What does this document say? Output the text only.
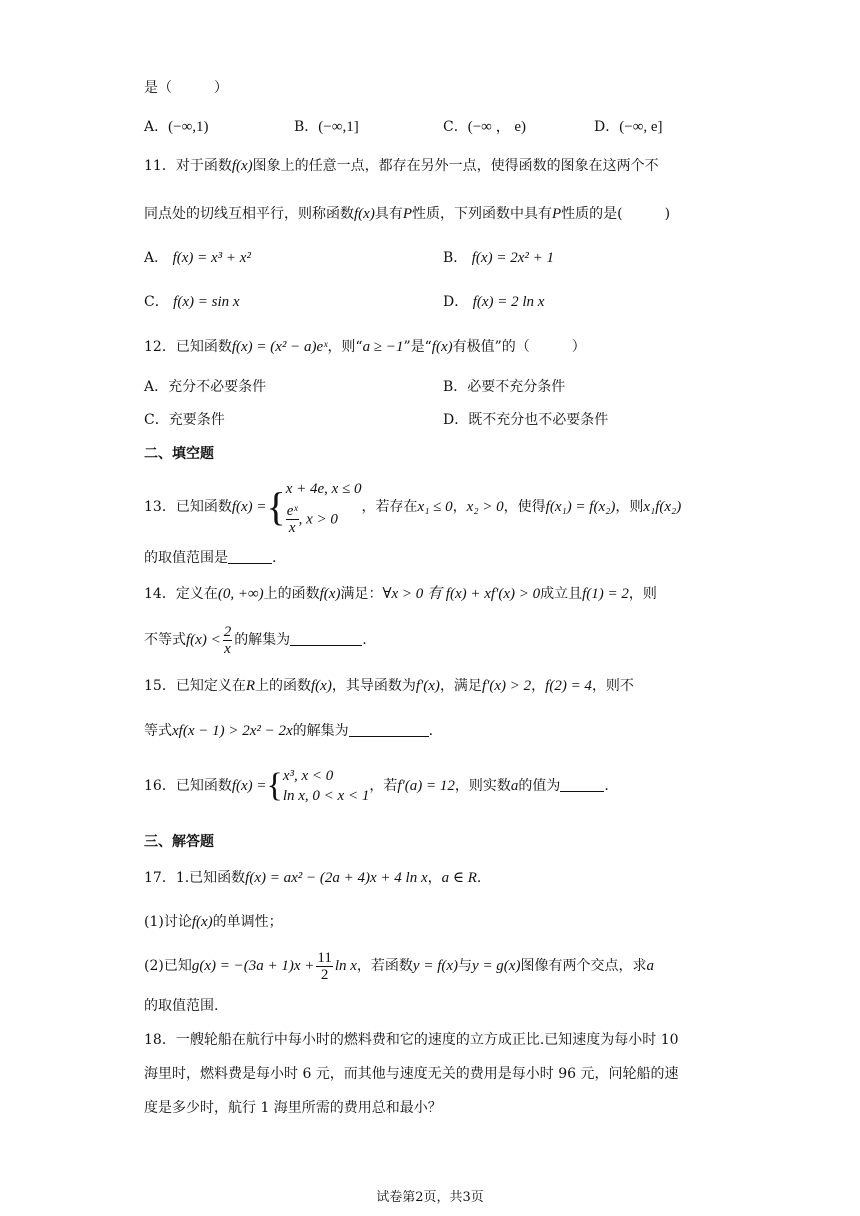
是（　　　）
A．(−∞,1)	B．(−∞,1]	C．(−∞ ， e)	D．(−∞, e]
11．对于函数f(x)图象上的任意一点，都存在另外一点，使得函数的图象在这两个不
同点处的切线互相平行，则称函数f(x)具有P性质，下列函数中具有P性质的是(　　　)
A． f(x) = x³ + x²	B． f(x) = 2x² + 1
C． f(x) = sin x	D． f(x) = 2 ln x
12．已知函数f(x) = (x² − a)eˣ，则“a ≥ −1”是“f(x)有极值”的（　　　）
A．充分不必要条件	B．必要不充分条件
C．充要条件	D．既不充分也不必要条件
二、填空题
13．已知函数f(x) ={ x + 4e, x ≤ 0
$\frac{\text{eˣ}}{x}$ , x > 0
，若存在x₁ ≤ 0，x₂ > 0，使得f(x₁) = f(x₂)，则x₁f(x₂)
的取值范围是	.
14．定义在(0, +∞)上的函数f(x)满足：∀x > 0 有 f(x) + xf′(x) > 0成立且f(1) = 2，则
不等式$f(x) < \frac{2}{x}$ 的解集为	.
15．已知定义在R上的函数f(x)，其导函数为f′(x)，满足f′(x) > 2，f(2) = 4，则不
等式xf(x − 1) > 2x² − 2x的解集为	.
16．已知函数f(x) ={ x³, x < 0
ln x, 0 < x < 1
，若f′(a) = 12，则实数a的值为	.
三、解答题
17．1.已知函数f(x) = ax² − (2a + 4)x + 4 ln x，a ∈ R.
(1)讨论f(x)的单调性；
(2)已知$g(x) = -(3a + 1)x + \frac{11}{2}$ ln x，若函数y = f(x)与y = g(x)图像有两个交点，求a
的取值范围.
18．一艘轮船在航行中每小时的燃料费和它的速度的立方成正比.已知速度为每小时 10
海里时，燃料费是每小时 6 元，而其他与速度无关的费用是每小时 96 元，问轮船的速
度是多少时，航行 1 海里所需的费用总和最小？
试卷第2页，共3页
